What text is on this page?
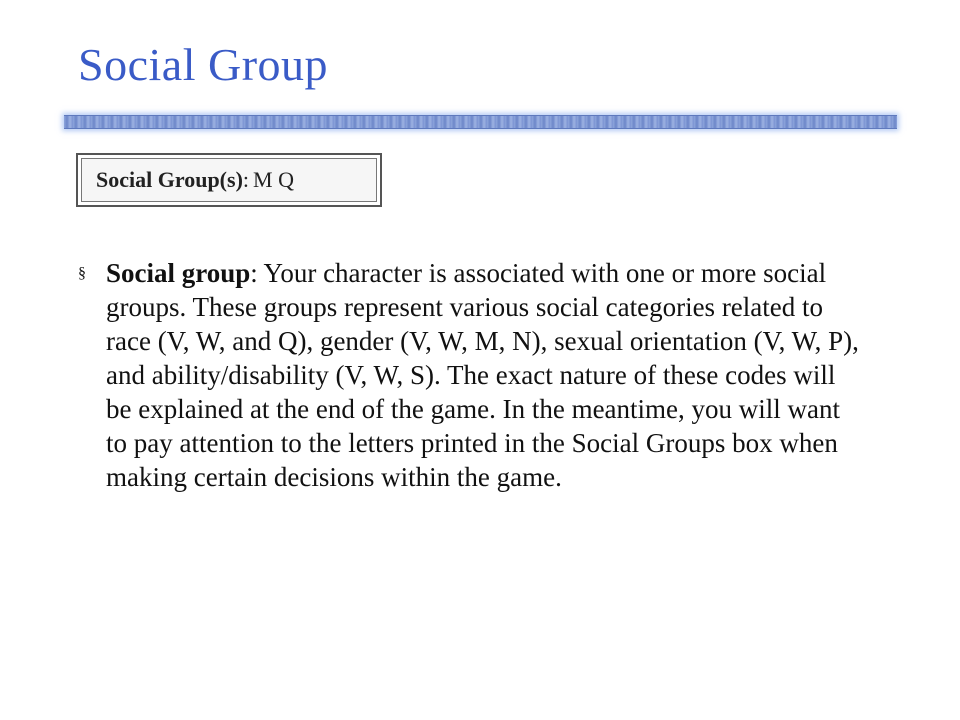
Social Group
Social Group(s) : M Q
§ Social group: Your character is associated with one or more social groups. These groups represent various social categories related to race (V, W, and Q), gender (V, W, M, N), sexual orientation (V, W, P), and ability/disability (V, W, S). The exact nature of these codes will be explained at the end of the game. In the meantime, you will want to pay attention to the letters printed in the Social Groups box when making certain decisions within the game.
